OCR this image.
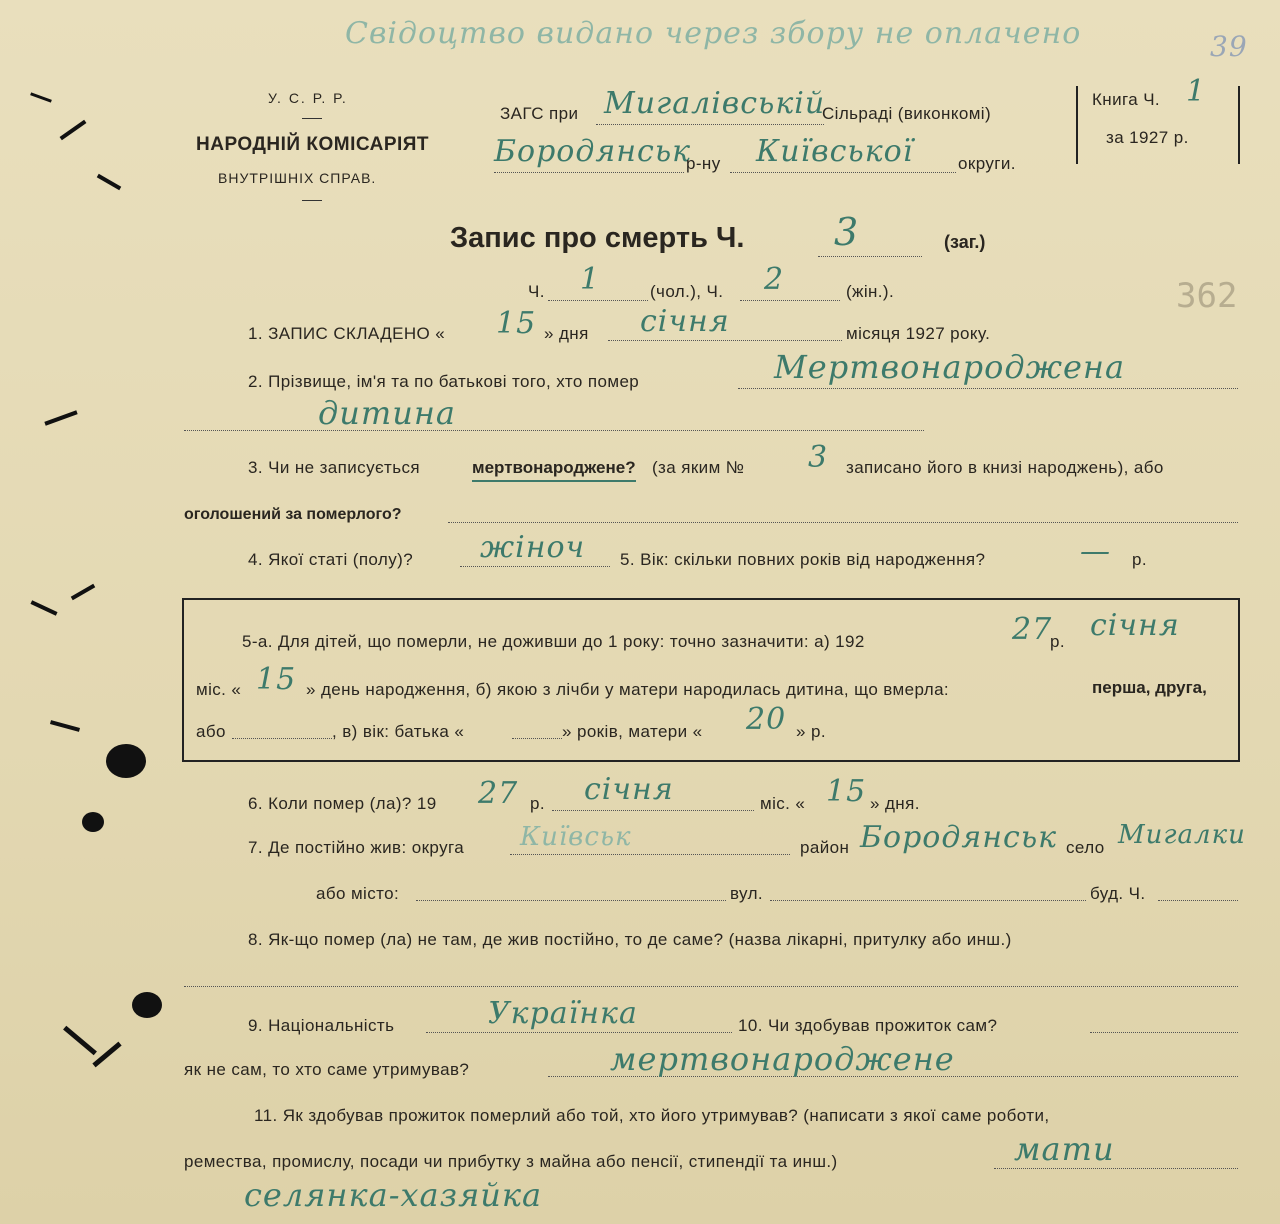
Свідоцтво видано через збору не оплачено	39
362
У. С. Р. Р.
НАРОДНІЙ КОМІСАРІЯТ
ВНУТРІШНІХ СПРАВ.
ЗАГС при Мигалівській
Сільраді (виконкомі)
Бородянськ
р-ну Київської	округи.
Книга Ч. 1
за 1927 р.
Запис про смерть Ч. 3	(заг.)
Ч. 1	(чол.), Ч. 2	(жін.).
1. ЗАПИС СКЛАДЕНО « 15 » дня січня	місяця 1927 року.
2. Прізвище, ім'я та по батькові того, хто помер	Мертвонароджена
дитина
3. Чи не записується	мертвонароджене? (за яким № 3 записано його в книзі народжень), або
оголошений за померлого?
4. Якої статі (полу)? жіноч 5. Вік: скільки повних років від народження?	— р.
5-а. Для дітей, що померли, не доживши до 1 року: точно зазначити: а) 192	27
р. січня
міс. « 15 » день народження, б) якою з лічби у матери народилась дитина, що вмерла:	перша, друга,
або	, в) вік: батька «	» років, матери « 20 » р.
6. Коли помер (ла)? 19 27 р. січня	міс. « 15 » дня.
7. Де постійно жив: округа Київськ	район Бородянськ село Мигалки
або місто:	вул.	буд. Ч.
8. Як-що помер (ла) не там, де жив постійно, то де саме? (назва лікарні, притулку або инш.)
9. Національність	Українка	10. Чи здобував прожиток сам?
як не сам, то хто саме утримував?	мертвонароджене
11. Як здобував прожиток померлий або той, хто його утримував? (написати з якої саме роботи,
ремества, промислу, посади чи прибутку з майна або пенсії, стипендії та инш.)	мати
селянка-хазяйка
